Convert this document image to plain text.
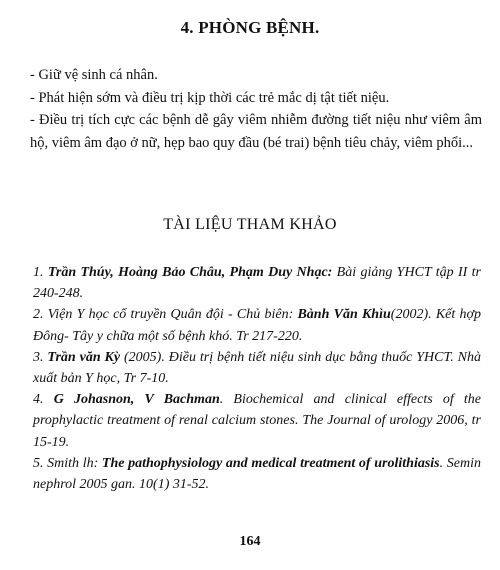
4. PHÒNG BỆNH.

- Giữ vệ sinh cá nhân.

- Phát hiện sớm và điều trị kịp thời các trẻ mắc dị tật tiết niệu.

- Điều trị tích cực các bệnh dễ gây viêm nhiễm đường tiết niệu như viêm âm hộ, viêm âm đạo ở nữ, hẹp bao quy đầu (bé trai) bệnh tiêu chảy, viêm phổi...

TÀI LIỆU THAM KHẢO

1. Trần Thúy, Hoàng Bảo Châu, Phạm Duy Nhạc: Bài giảng YHCT tập II tr 240-248.

2. Viện Y học cổ truyền Quân đội - Chủ biên: Bành Văn Khìu(2002). Kết hợp Đông- Tây y chữa một số bệnh khó. Tr 217-220.

3. Trần văn Kỳ (2005). Điều trị bệnh tiết niệu sinh dục bằng thuốc YHCT. Nhà xuất bản Y học, Tr 7-10.

4. G Johasnon, V Bachman. Biochemical and clinical effects of the prophylactic treatment of renal calcium stones. The Journal of urology 2006, tr 15-19.

5. Smith lh: The pathophysiology and medical treatment of urolithiasis. Semin nephrol 2005 gan. 10(1) 31-52.

164
